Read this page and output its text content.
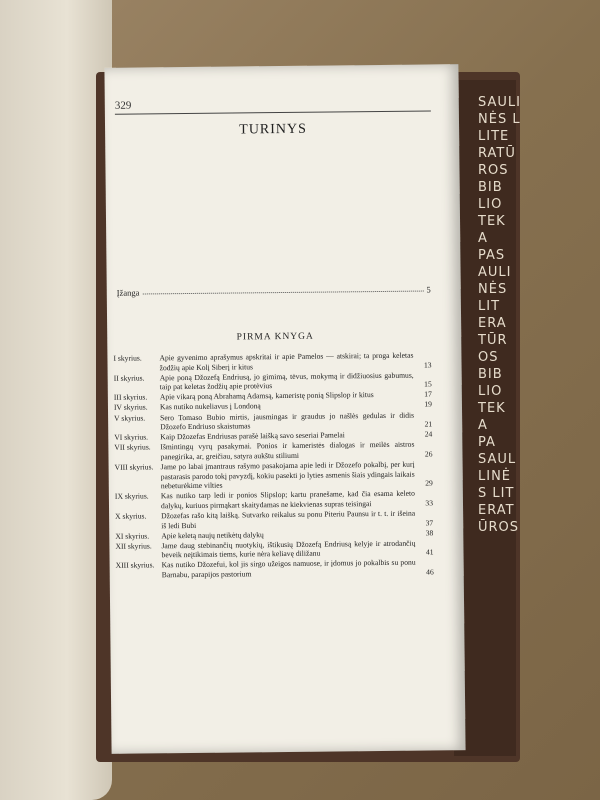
SAULI
NĖS L
LITE
RATŪ
ROS
BIB
LIO
TEK
A
PAS
AULI
NĖS
LIT
ERA
TŪR
OS
BIB
LIO
TEK
A
PA
SAUL
LINĖ
S LIT
ERAT
ŪROS
329
TURINYS
Įžanga	5
PIRMA KNYGA
I skyrius.	Apie gyvenimo aprašymus apskritai ir apie Pamelos — atskirai; ta proga keletas žodžių apie Kolį Siberį ir kitus	13
II skyrius.	Apie poną Džozefą Endriusą, jo gimimą, tėvus, mokymą ir didžiuosius gabumus, taip pat keletas žodžių apie protėvius	15
III skyrius.	Apie vikarą poną Abrahamą Adamsą, kameristę ponią Slipslop ir kitus	17
IV skyrius.	Kas nutiko nukeliavus į Londoną	19
V skyrius.	Sero Tomaso Bubio mirtis, jausmingas ir graudus jo našlės gedulas ir didis Džozefo Endriuso skaistumas	21
VI skyrius.	Kaip Džozefas Endriusas parašė laišką savo seseriai Pamelai	24
VII skyrius.	Išmintingų vyrų pasakymai. Ponios ir kameristės dialogas ir meilės aistros panegirika, ar, greičiau, satyra aukštu stiliumi	26
VIII skyrius. Jame po labai įmantraus rašymo pasakojama apie ledi ir Džozefo pokalbį, per kurį pastarasis parodo tokį pavyzdį, kokiu pasekti jo lyties asmenis šiais ydingais laikais nebeturėkime vilties	29
IX skyrius.	Kas nutiko tarp ledi ir ponios Slipslop; kartu pranešame, kad čia esama keleto dalykų, kuriuos pirmąkart skaitydamas ne kiekvienas supras teisingai	33
X skyrius.	Džozefas rašo kitą laišką. Sutvarko reikalus su ponu Piteriu Paunsu ir t. t. ir išeina iš ledi Bubi	37
XI skyrius.	Apie keletą naujų netikėtų dalykų	38
XII skyrius.	Jame daug stebinančių nuotykių, ištikusių Džozefą Endriusą kelyje ir atrodančių beveik neįtikimais tiems, kurie nėra keliavę diližanu	41
XIII skyrius. Kas nutiko Džozefui, kol jis sirgo užeigos namuose, ir įdomus jo pokalbis su ponu Barnabu, parapijos pastorium	46
